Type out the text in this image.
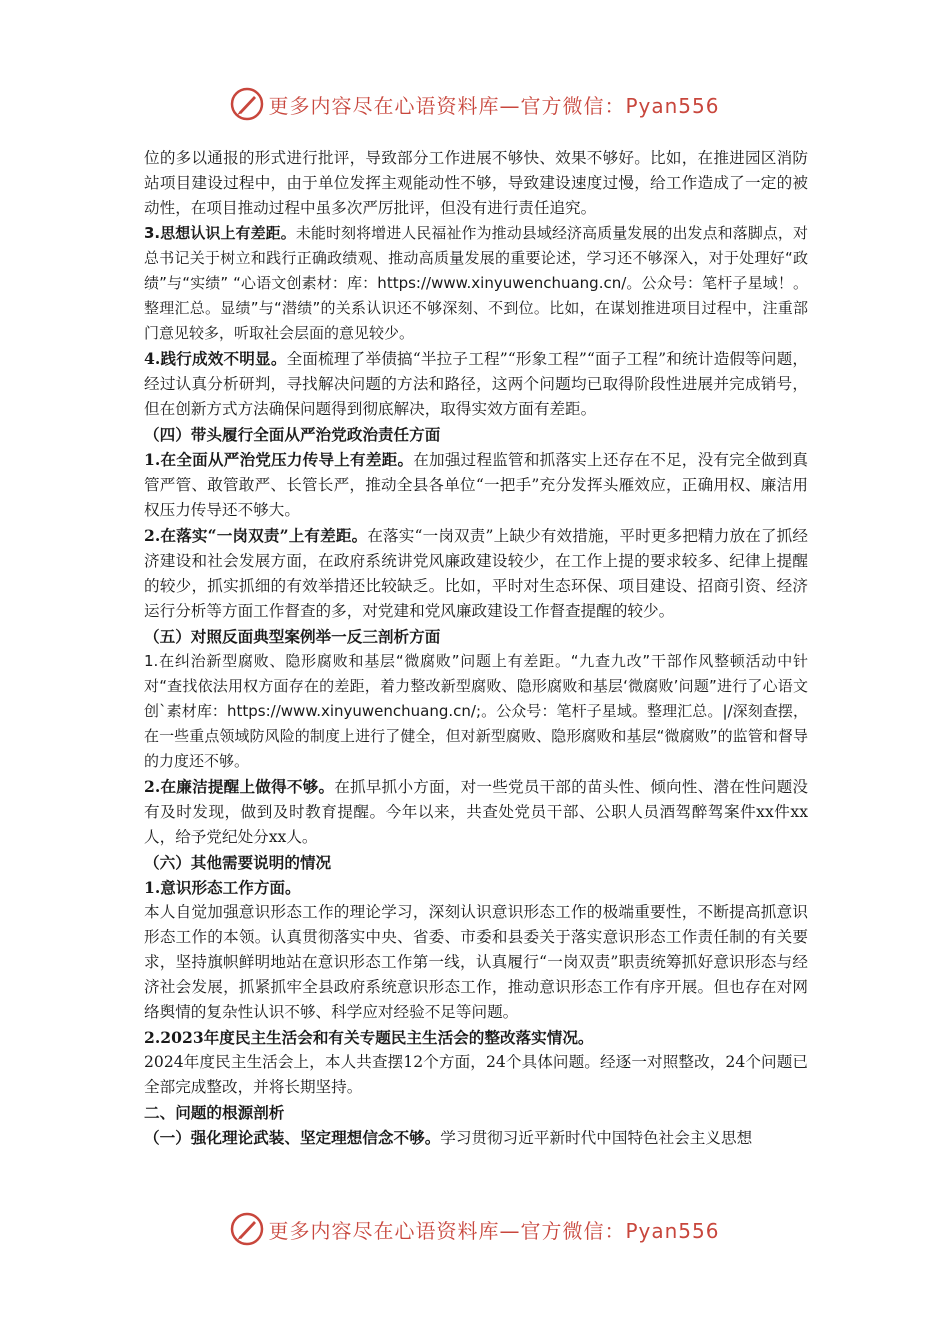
更多内容尽在心语资料库—官方微信：Pyan556

位的多以通报的形式进行批评，导致部分工作进展不够快、效果不够好。比如，在推进园区消防站项目建设过程中，由于单位发挥主观能动性不够，导致建设速度过慢，给工作造成了一定的被动性，在项目推动过程中虽多次严厉批评，但没有进行责任追究。

3.思想认识上有差距。未能时刻将增进人民福祉作为推动县域经济高质量发展的出发点和落脚点，对总书记关于树立和践行正确政绩观、推动高质量发展的重要论述，学习还不够深入，对于处理好“政绩”与“实绩” “心语文创素材：库：https://www.xinyuwenchuang.cn/。公众号：笔杆子星域！。整理汇总。显绩”与“潜绩”的关系认识还不够深刻、不到位。比如，在谋划推进项目过程中，注重部门意见较多，听取社会层面的意见较少。

4.践行成效不明显。全面梳理了举债搞“半拉子工程”“形象工程”“面子工程”和统计造假等问题，经过认真分析研判，寻找解决问题的方法和路径，这两个问题均已取得阶段性进展并完成销号，但在创新方式方法确保问题得到彻底解决，取得实效方面有差距。

（四）带头履行全面从严治党政治责任方面

1.在全面从严治党压力传导上有差距。在加强过程监管和抓落实上还存在不足，没有完全做到真管严管、敢管敢严、长管长严，推动全县各单位“一把手”充分发挥头雁效应，正确用权、廉洁用权压力传导还不够大。

2.在落实“一岗双责”上有差距。在落实“一岗双责”上缺少有效措施，平时更多把精力放在了抓经济建设和社会发展方面，在政府系统讲党风廉政建设较少，在工作上提的要求较多、纪律上提醒的较少，抓实抓细的有效举措还比较缺乏。比如，平时对生态环保、项目建设、招商引资、经济运行分析等方面工作督查的多，对党建和党风廉政建设工作督查提醒的较少。

（五）对照反面典型案例举一反三剖析方面

1.在纠治新型腐败、隐形腐败和基层“微腐败”问题上有差距。“九查九改”干部作风整顿活动中针对“查找依法用权方面存在的差距，着力整改新型腐败、隐形腐败和基层‘微腐败’问题”进行了心语文创`素材库：https://www.xinyuwenchuang.cn/;。公众号：笔杆子星域。整理汇总。|/深刻查摆，在一些重点领域防风险的制度上进行了健全，但对新型腐败、隐形腐败和基层“微腐败”的监管和督导的力度还不够。

2.在廉洁提醒上做得不够。在抓早抓小方面，对一些党员干部的苗头性、倾向性、潜在性问题没有及时发现，做到及时教育提醒。今年以来，共查处党员干部、公职人员酒驾醉驾案件xx件xx人，给予党纪处分xx人。

（六）其他需要说明的情况

1.意识形态工作方面。

本人自觉加强意识形态工作的理论学习，深刻认识意识形态工作的极端重要性，不断提高抓意识形态工作的本领。认真贯彻落实中央、省委、市委和县委关于落实意识形态工作责任制的有关要求，坚持旗帜鲜明地站在意识形态工作第一线，认真履行“一岗双责”职责统筹抓好意识形态与经济社会发展，抓紧抓牢全县政府系统意识形态工作，推动意识形态工作有序开展。但也存在对网络舆情的复杂性认识不够、科学应对经验不足等问题。

2.2023年度民主生活会和有关专题民主生活会的整改落实情况。

2024年度民主生活会上，本人共查摆12个方面，24个具体问题。经逐一对照整改，24个问题已全部完成整改，并将长期坚持。

二、问题的根源剖析

（一）强化理论武装、坚定理想信念不够。学习贯彻习近平新时代中国特色社会主义思想

更多内容尽在心语资料库—官方微信：Pyan556
